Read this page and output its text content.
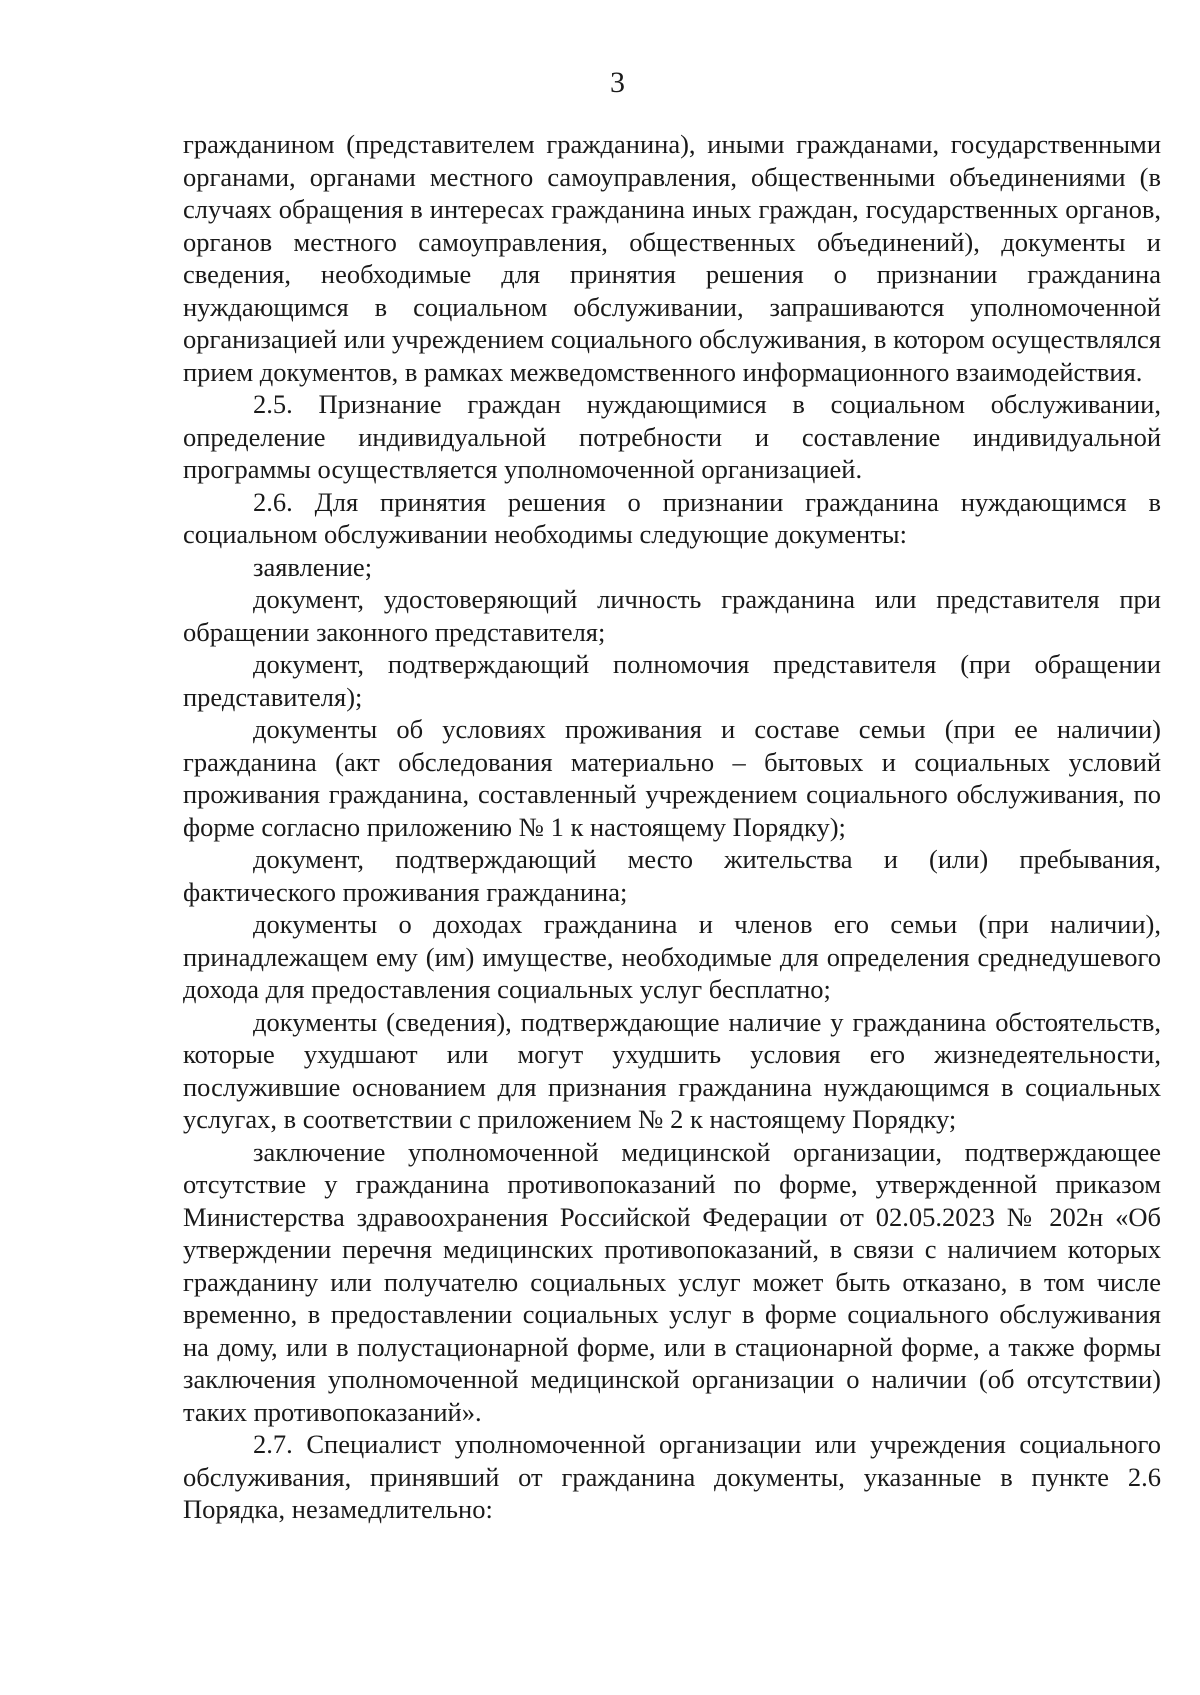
3

гражданином (представителем гражданина), иными гражданами, государственными органами, органами местного самоуправления, общественными объединениями (в случаях обращения в интересах гражданина иных граждан, государственных органов, органов местного самоуправления, общественных объединений), документы и сведения, необходимые для принятия решения о признании гражданина нуждающимся в социальном обслуживании, запрашиваются уполномоченной организацией или учреждением социального обслуживания, в котором осуществлялся прием документов, в рамках межведомственного информационного взаимодействия.

2.5. Признание граждан нуждающимися в социальном обслуживании, определение индивидуальной потребности и составление индивидуальной программы осуществляется уполномоченной организацией.

2.6. Для принятия решения о признании гражданина нуждающимся в социальном обслуживании необходимы следующие документы:

заявление;

документ, удостоверяющий личность гражданина или представителя при обращении законного представителя;

документ, подтверждающий полномочия представителя (при обращении представителя);

документы об условиях проживания и составе семьи (при ее наличии) гражданина (акт обследования материально – бытовых и социальных условий проживания гражданина, составленный учреждением социального обслуживания, по форме согласно приложению № 1 к настоящему Порядку);

документ, подтверждающий место жительства и (или) пребывания, фактического проживания гражданина;

документы о доходах гражданина и членов его семьи (при наличии), принадлежащем ему (им) имуществе, необходимые для определения среднедушевого дохода для предоставления социальных услуг бесплатно;

документы (сведения), подтверждающие наличие у гражданина обстоятельств, которые ухудшают или могут ухудшить условия его жизнедеятельности, послужившие основанием для признания гражданина нуждающимся в социальных услугах, в соответствии с приложением № 2 к настоящему Порядку;

заключение уполномоченной медицинской организации, подтверждающее отсутствие у гражданина противопоказаний по форме, утвержденной приказом Министерства здравоохранения Российской Федерации от 02.05.2023 № 202н «Об утверждении перечня медицинских противопоказаний, в связи с наличием которых гражданину или получателю социальных услуг может быть отказано, в том числе временно, в предоставлении социальных услуг в форме социального обслуживания на дому, или в полустационарной форме, или в стационарной форме, а также формы заключения уполномоченной медицинской организации о наличии (об отсутствии) таких противопоказаний».

2.7. Специалист уполномоченной организации или учреждения социального обслуживания, принявший от гражданина документы, указанные в пункте 2.6 Порядка, незамедлительно:
